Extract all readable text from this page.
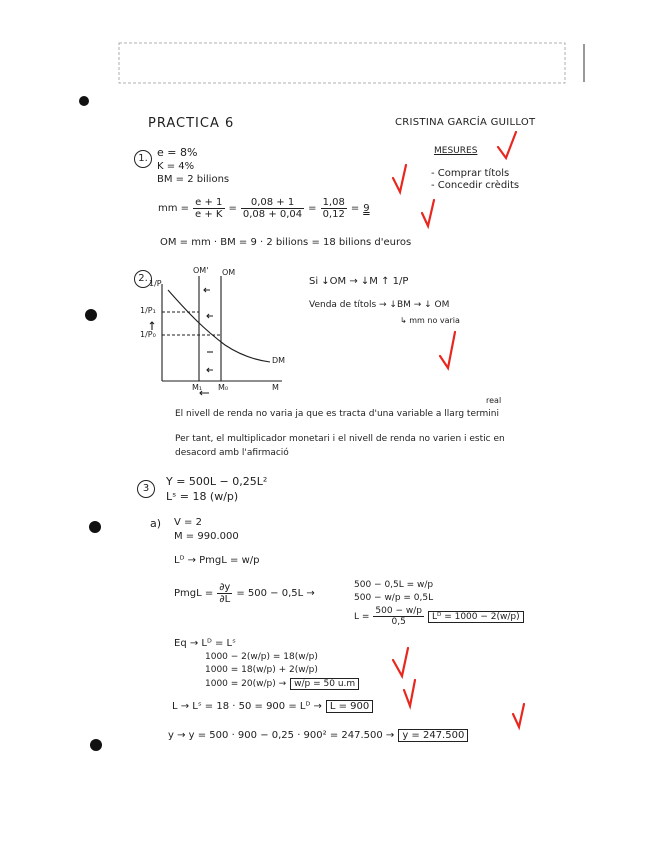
PRACTICA 6	CRISTINA GARCÍA GUILLOT
MESURES
- Comprar títols
- Concedir crèdits
1. e = 8%
K = 4%
BM = 2 bilions
mm = $\frac{e + 1}{e + K} = \frac{0,08 + 1}{0,08 + 0,04} = \frac{1,08}{0,12} = 9$
OM = mm · BM = 9 · 2 bilions = 18 bilions d'euros
2. 1/P
1/P₁
1/P₀
OM' OM
DM
M₁ M₀	M
Si ↓OM → ↓M ↑ 1/P
Venda de títols → ↓BM → ↓ OM
↳ mm no varia
real
El nivell de renda no varia ja que es tracta d'una variable a llarg termini
Per tant, el multiplicador monetari i el nivell de renda no varien i estic en
desacord amb l'afirmació
3
Y = 500L − 0,25L²
Lˢ = 18 (w/p)
a) V = 2
M = 990.000
Lᴰ → PmgL = w/p
PmgL = $\frac{\partial y}{\partial L} = 500 - 0,5L$ →
500 − 0,5L = w/p
500 − w/p = 0,5L
$L = \frac{500 - w/p}{0,5}$ Lᴰ = 1000 − 2(w/p)
Eq → Lᴰ = Lˢ
1000 − 2(w/p) = 18(w/p)
1000 = 18(w/p) + 2(w/p)
1000 = 20(w/p) → w/p = 50 u.m
L → Lˢ = 18 · 50 = 900 = Lᴰ → L = 900
y → y = 500 · 900 − 0,25 · 900² = 247.500 → y = 247.500
